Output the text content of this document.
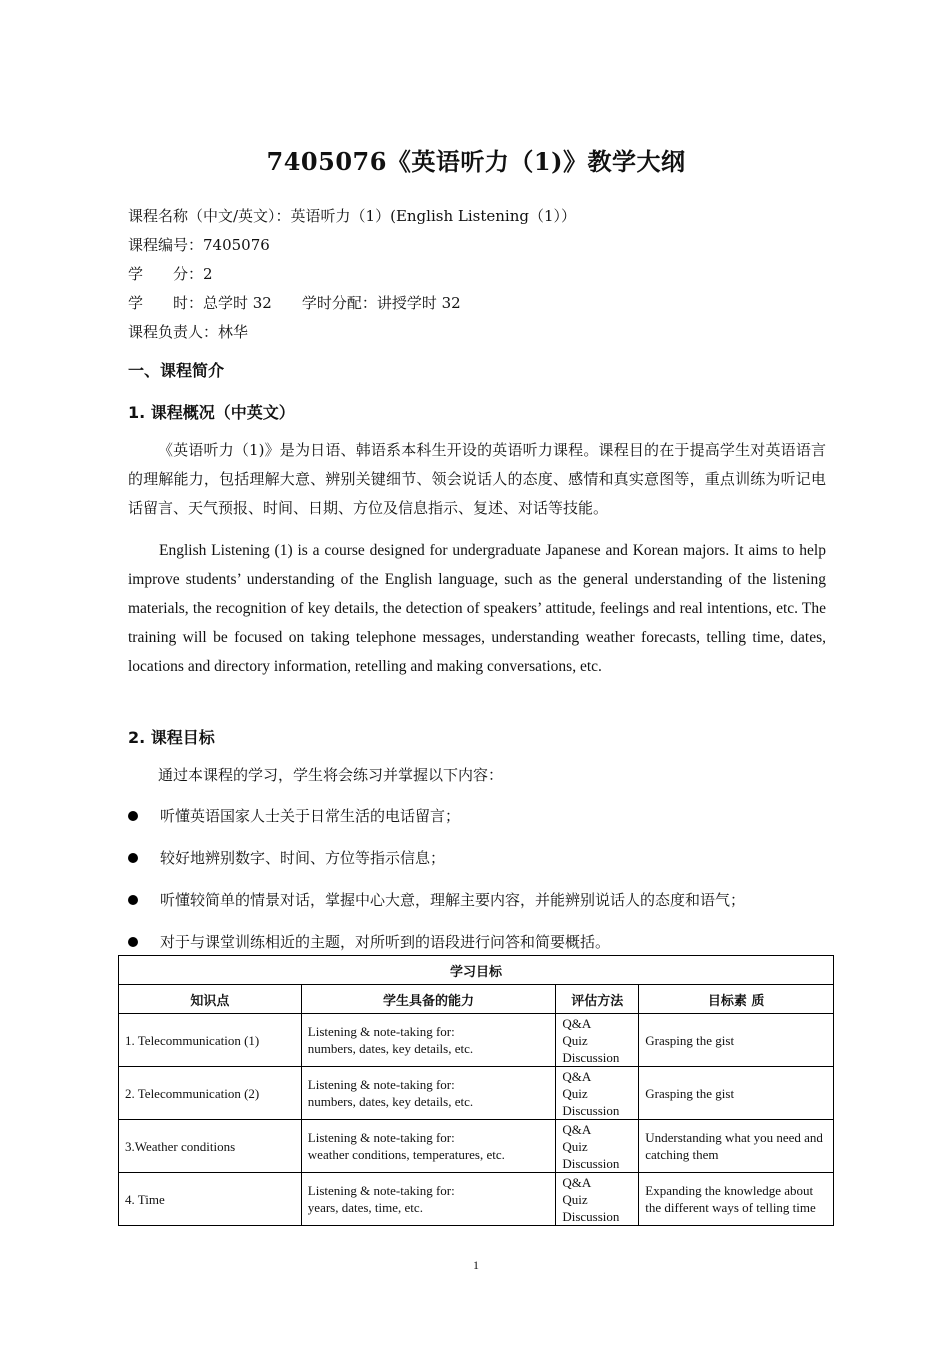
7405076《英语听力（1)》教学大纲
课程名称（中文/英文）：英语听力（1）(English Listening（1））
课程编号：7405076
学　　分：2
学　　时：总学时 32　　学时分配：讲授学时 32
课程负责人：林华
一、课程简介
1. 课程概况（中英文）

《英语听力（1)》是为日语、韩语系本科生开设的英语听力课程。课程目的在于提高学生对英语语言的理解能力，包括理解大意、辨别关键细节、领会说话人的态度、感情和真实意图等，重点训练为听记电话留言、天气预报、时间、日期、方位及信息指示、复述、对话等技能。

English Listening (1) is a course designed for undergraduate Japanese and Korean majors. It aims to help improve students’ understanding of the English language, such as the general understanding of the listening materials, the recognition of key details, the detection of speakers’ attitude, feelings and real intentions, etc. The training will be focused on taking telephone messages, understanding weather forecasts, telling time, dates, locations and directory information, retelling and making conversations, etc.

2. 课程目标

通过本课程的学习，学生将会练习并掌握以下内容：

听懂英语国家人士关于日常生活的电话留言；
较好地辨别数字、时间、方位等指示信息；
听懂较简单的情景对话，掌握中心大意，理解主要内容，并能辨别说话人的态度和语气；
对于与课堂训练相近的主题，对所听到的语段进行问答和简要概括。
学习目标			
知识点	学生具备的能力	评估方法	目标素 质
1. Telecommunication (1)	Listening & note-taking for:
numbers, dates, key details, etc.	Q&A
Quiz
Discussion	Grasping the gist
2. Telecommunication (2)	Listening & note-taking for:
numbers, dates, key details, etc.	Q&A
Quiz
Discussion	Grasping the gist
3.Weather conditions	Listening & note-taking for:
weather conditions, temperatures, etc.	Q&A
Quiz
Discussion	Understanding what you need and catching them
4. Time	Listening & note-taking for:
years, dates, time, etc.	Q&A
Quiz
Discussion	Expanding the knowledge about the different ways of telling time
1
